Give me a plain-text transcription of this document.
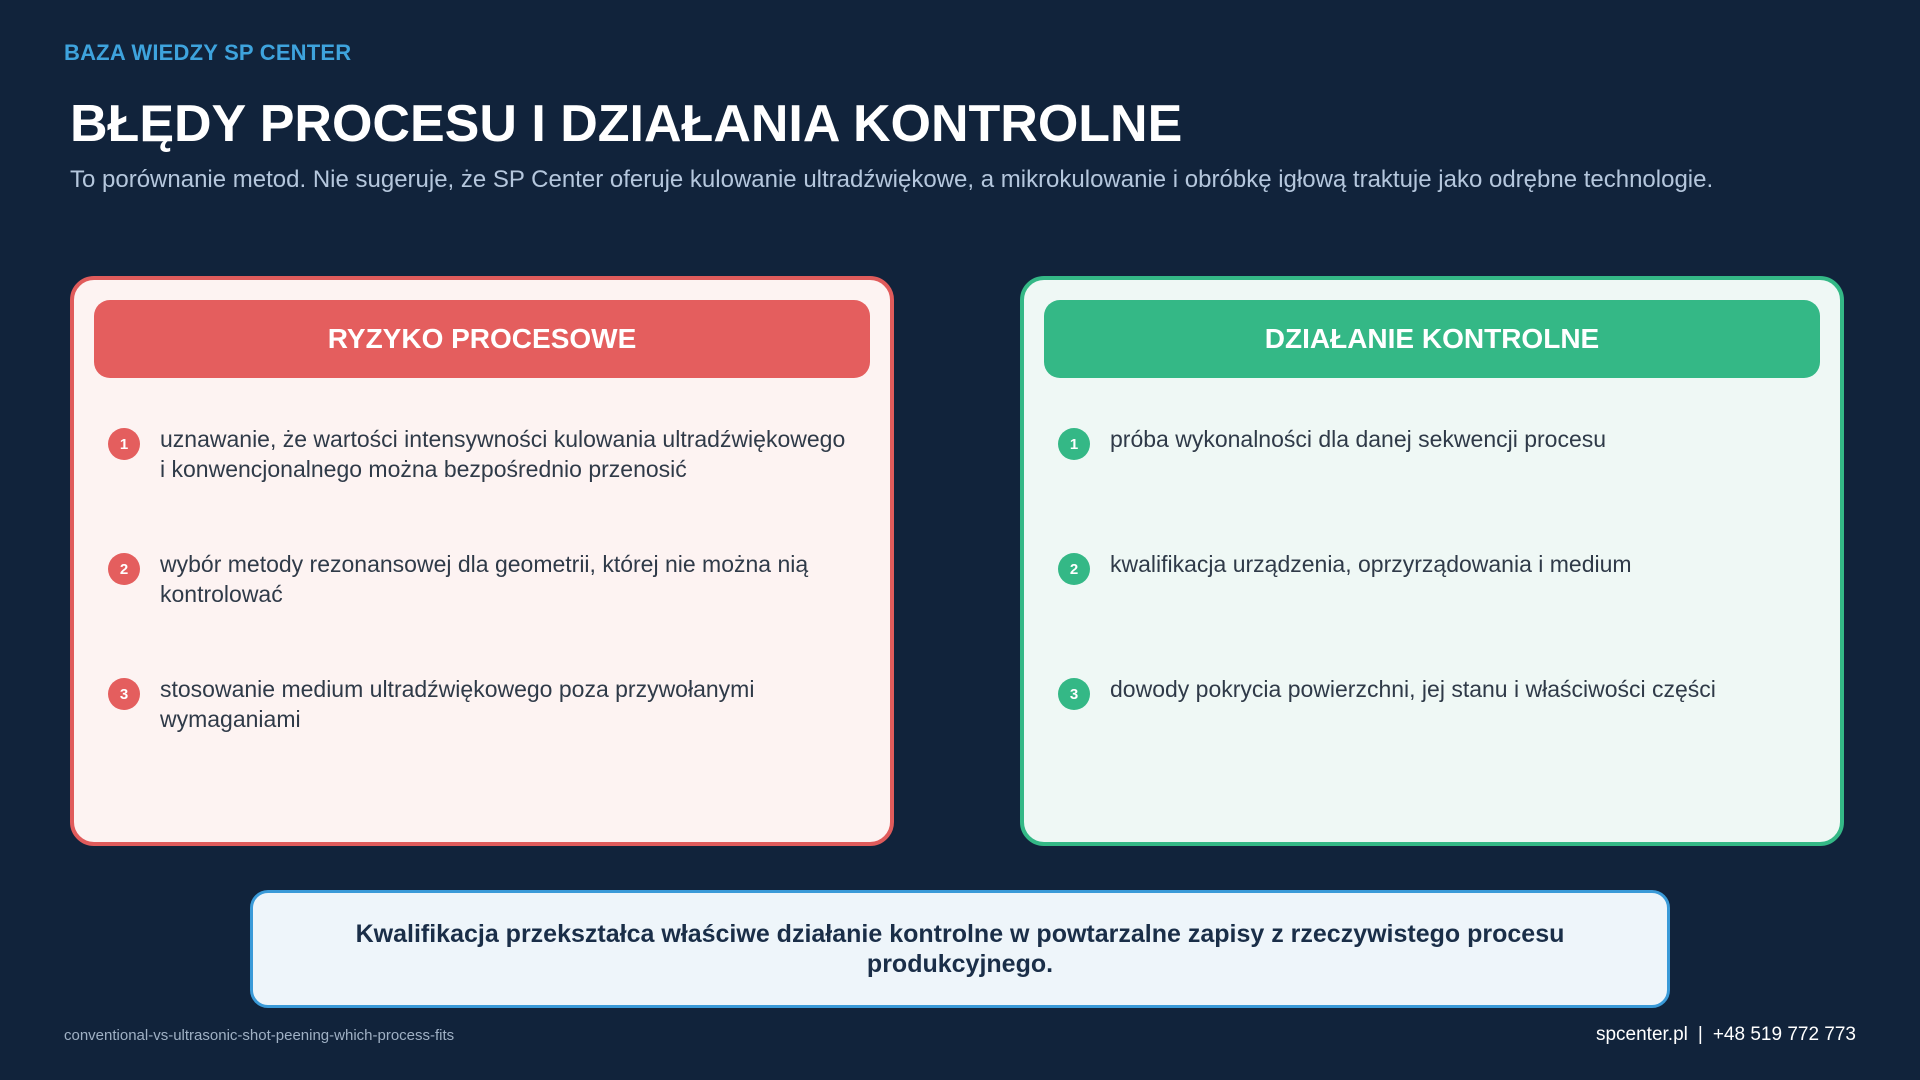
BAZA WIEDZY SP CENTER
BŁĘDY PROCESU I DZIAŁANIA KONTROLNE
To porównanie metod. Nie sugeruje, że SP Center oferuje kulowanie ultradźwiękowe, a mikrokulowanie i obróbkę igłową traktuje jako odrębne technologie.
RYZYKO PROCESOWE
1	uznawanie, że wartości intensywności kulowania ultradźwiękowego i konwencjonalnego można bezpośrednio przenosić
2	wybór metody rezonansowej dla geometrii, której nie można nią kontrolować
3	stosowanie medium ultradźwiękowego poza przywołanymi wymaganiami
DZIAŁANIE KONTROLNE
1	próba wykonalności dla danej sekwencji procesu
2	kwalifikacja urządzenia, oprzyrządowania i medium
3	dowody pokrycia powierzchni, jej stanu i właściwości części
Kwalifikacja przekształca właściwe działanie kontrolne w powtarzalne zapisy z rzeczywistego procesu produkcyjnego.
conventional-vs-ultrasonic-shot-peening-which-process-fits	spcenter.pl | +48 519 772 773
